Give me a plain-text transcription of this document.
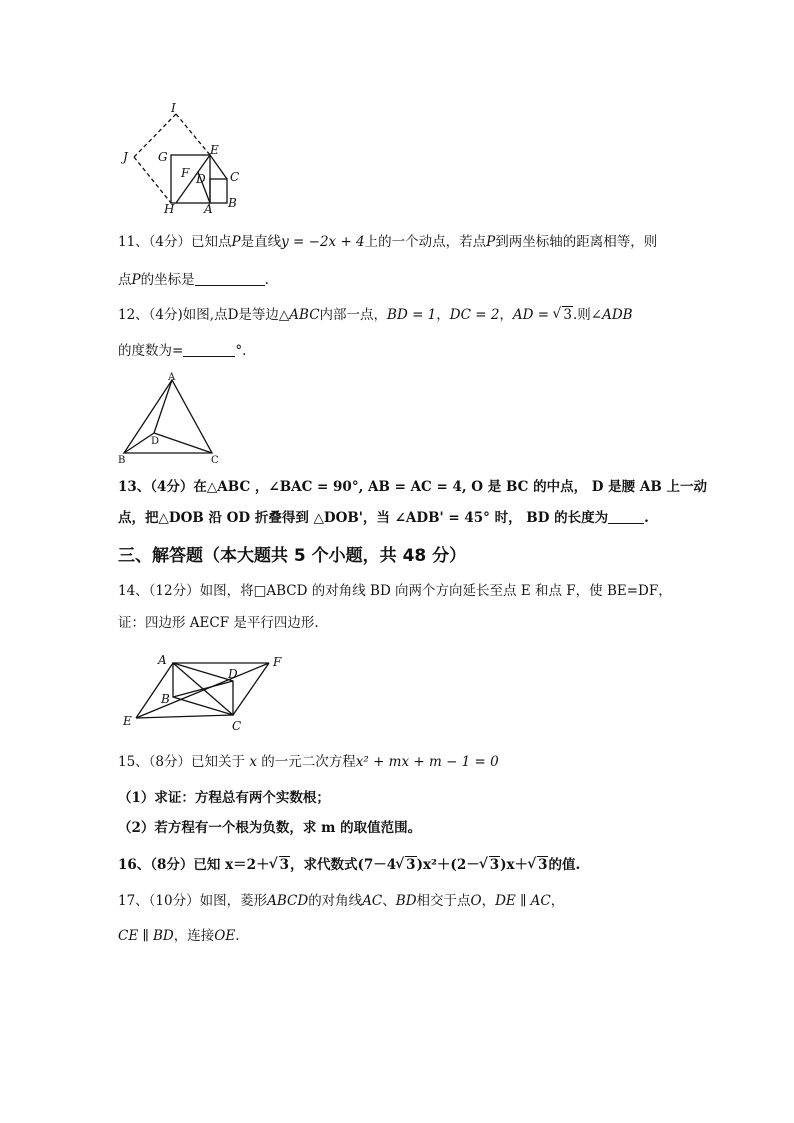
I
J	G	E
F D C
H A B
11、（4分）已知点P是直线y = −2x + 4上的一个动点，若点P到两坐标轴的距离相等，则
点P的坐标是	.
12、（4分)如图,点D是等边△ABC内部一点，BD = 1，DC = 2，AD = √ 3.则∠ADB
的度数为=	°.
A
D
B	C
13、（4分）在△ABC ，∠BAC = 90°, AB = AC = 4, O 是 BC 的中点， D 是腰 AB 上一动
点，把△DOB 沿 OD 折叠得到 △DOB'，当 ∠ADB' = 45° 时， BD 的长度为	.
三、解答题（本大题共 5 个小题，共 48 分）
14、（12分）如图，将□ABCD 的对角线 BD 向两个方向延长至点 E 和点 F，使 BE=DF，
证：四边形 AECF 是平行四边形.
A
D
F
B
E	C
15、（8分）已知关于 x 的一元二次方程x² + mx + m − 1 = 0
（1）求证：方程总有两个实数根；
（2）若方程有一个根为负数，求 m 的取值范围。
16、（8分）已知 x＝2＋ √ 3，求代数式(7－4 √ 3)x²＋(2－ √ 3)x＋ √ 3的值.
17、（10分）如图，菱形ABCD的对角线AC、BD相交于点O，DE ∥ AC，
CE ∥ BD，连接OE.
